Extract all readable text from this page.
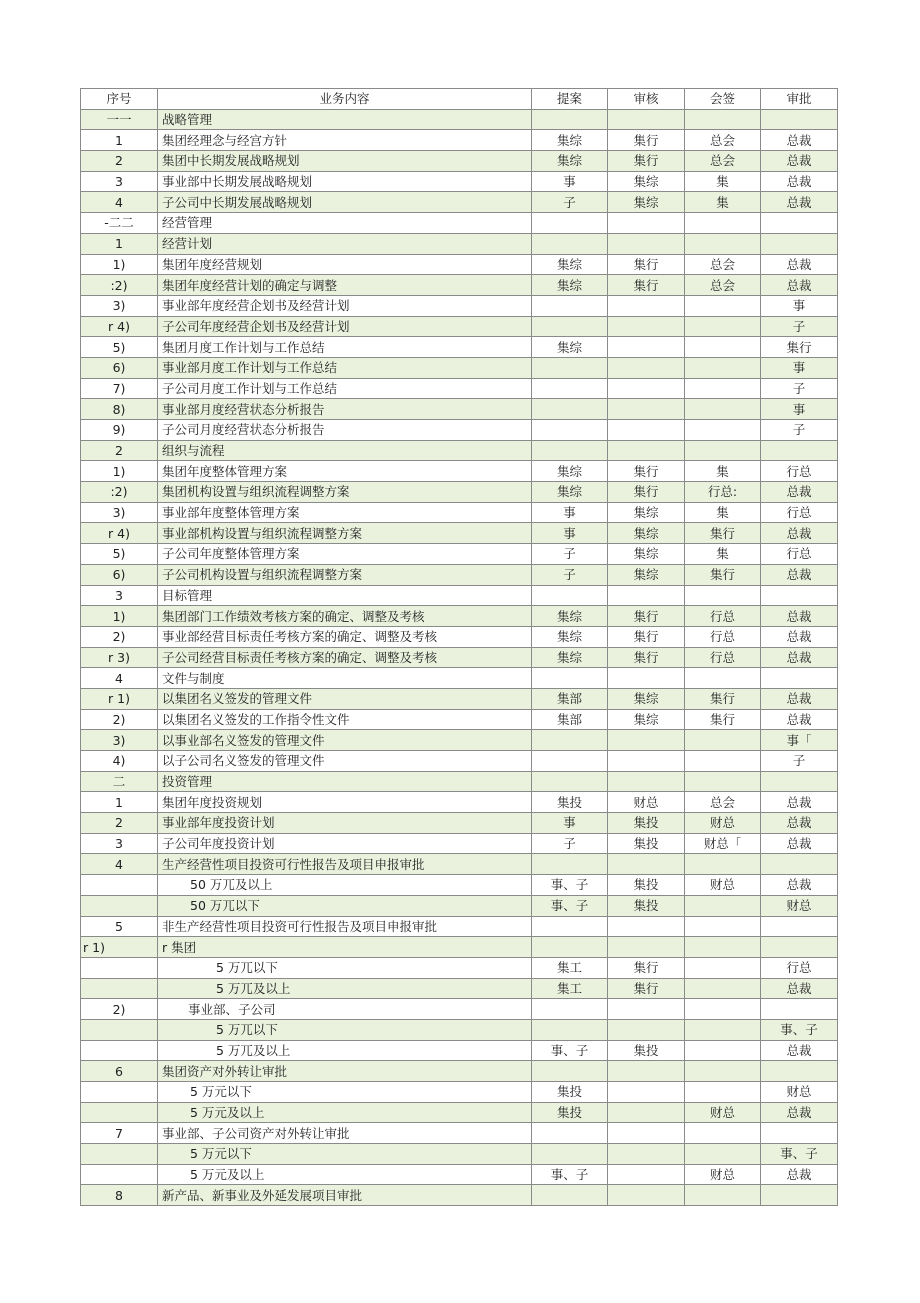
序号	业务内容	提案	审核	会签	审批
一一	战略管理				
1	集团经理念与经宫方针	集综	集行	总会	总裁
2	集团中长期发展战略规划	集综	集行	总会	总裁
3	事业部中长期发展战略规划	事	集综	集	总裁
4	子公司中长期发展战略规划	子	集综	集	总裁
-二二	经营管理				
1	经营计划				
1)	集团年度经营规划	集综	集行	总会	总裁
:2)	集团年度经营计划的确定与调整	集综	集行	总会	总裁
3)	事业部年度经营企划书及经营计划				事
r 4)	子公司年度经营企划书及经营计划				子
5)	集团月度工作计划与工作总结	集综			集行
6)	事业部月度工作计划与工作总结				事
7)	子公司月度工作计划与工作总结				子
8)	事业部月度经营状态分析报告				事
9)	子公司月度经营状态分析报告				子
2	组织与流程				
1)	集团年度整体管理方案	集综	集行	集	行总
:2)	集团机构设置与组织流程调整方案	集综	集行	行总:	总裁
3)	事业部年度整体管理方案	事	集综	集	行总
r 4)	事业部机构设置与组织流程调整方案	事	集综	集行	总裁
5)	子公司年度整体管理方案	子	集综	集	行总
6)	子公司机构设置与组织流程调整方案	子	集综	集行	总裁
3	目标管理				
1)	集团部门工作绩效考核方案的确定、调整及考核	集综	集行	行总	总裁
2)	事业部经营目标责任考核方案的确定、调整及考核	集综	集行	行总	总裁
r 3)	子公司经营目标责任考核方案的确定、调整及考核	集综	集行	行总	总裁
4	文件与制度				
r 1)	以集团名义签发的管理文件	集部	集综	集行	总裁
2)	以集团名义签发的工作指令性文件	集部	集综	集行	总裁
3)	以事业部名义签发的管理文件				事「
4)	以子公司名义签发的管理文件				子
二	投资管理				
1	集团年度投资规划	集投	财总	总会	总裁
2	事业部年度投资计划	事	集投	财总	总裁
3	子公司年度投资计划	子	集投	财总「	总裁
4	生产经营性项目投资可行性报告及项目申报审批				
	50 万兀及以上	事、子	集投	财总	总裁
	50 万兀以下	事、子	集投		财总
5	非生产经营性项目投资可行性报告及项目申报审批				
r 1)	r 集团				
	5 万兀以下	集工	集行		行总
	5 万兀及以上	集工	集行		总裁
2)	事业部、子公司				
	5 万兀以下				事、子
	5 万兀及以上	事、子	集投		总裁
6	集团资产对外转让审批				
	5 万元以下	集投			财总
	5 万元及以上	集投		财总	总裁
7	事业部、子公司资产对外转让审批				
	5 万元以下				事、子
	5 万元及以上	事、子		财总	总裁
8	新产品、新事业及外延发展项目审批				
